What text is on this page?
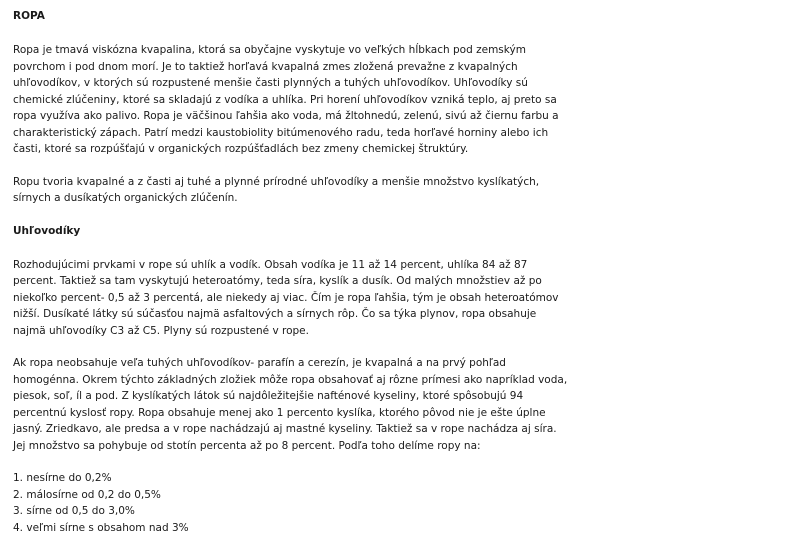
ROPA

Ropa je tmavá viskózna kvapalina, ktorá sa obyčajne vyskytuje vo veľkých hĺbkach pod zemským
povrchom i pod dnom morí. Je to taktiež horľavá kvapalná zmes zložená prevažne z kvapalných
uhľovodíkov, v ktorých sú rozpustené menšie časti plynných a tuhých uhľovodíkov. Uhľovodíky sú
chemické zlúčeniny, ktoré sa skladajú z vodíka a uhlíka. Pri horení uhľovodíkov vzniká teplo, aj preto sa
ropa využíva ako palivo. Ropa je väčšinou ľahšia ako voda, má žltohnedú, zelenú, sivú až čiernu farbu a
charakteristický zápach. Patrí medzi kaustobiolity bitúmenového radu, teda horľavé horniny alebo ich
časti, ktoré sa rozpúšťajú v organických rozpúšťadlách bez zmeny chemickej štruktúry.

Ropu tvoria kvapalné a z časti aj tuhé a plynné prírodné uhľovodíky a menšie množstvo kyslíkatých,
sírnych a dusíkatých organických zlúčenín.

Uhľovodíky

Rozhodujúcimi prvkami v rope sú uhlík a vodík. Obsah vodíka je 11 až 14 percent, uhlíka 84 až 87
percent. Taktiež sa tam vyskytujú heteroatómy, teda síra, kyslík a dusík. Od malých množstiev až po
niekoľko percent- 0,5 až 3 percentá, ale niekedy aj viac. Čím je ropa ľahšia, tým je obsah heteroatómov
nižší. Dusíkaté látky sú súčasťou najmä asfaltových a sírnych rôp. Čo sa týka plynov, ropa obsahuje
najmä uhľovodíky C3 až C5. Plyny sú rozpustené v rope.

Ak ropa neobsahuje veľa tuhých uhľovodíkov- parafín a cerezín, je kvapalná a na prvý pohľad
homogénna. Okrem týchto základných zložiek môže ropa obsahovať aj rôzne prímesi ako napríklad voda,
piesok, soľ, íl a pod. Z kyslíkatých látok sú najdôležitejšie nafténové kyseliny, ktoré spôsobujú 94
percentnú kyslosť ropy. Ropa obsahuje menej ako 1 percento kyslíka, ktorého pôvod nie je ešte úplne
jasný. Zriedkavo, ale predsa a v rope nachádzajú aj mastné kyseliny. Taktiež sa v rope nachádza aj síra.
Jej množstvo sa pohybuje od stotín percenta až po 8 percent. Podľa toho delíme ropy na:

1. nesírne do 0,2%
2. málosírne od 0,2 do 0,5%
3. sírne od 0,5 do 3,0%
4. veľmi sírne s obsahom nad 3%
